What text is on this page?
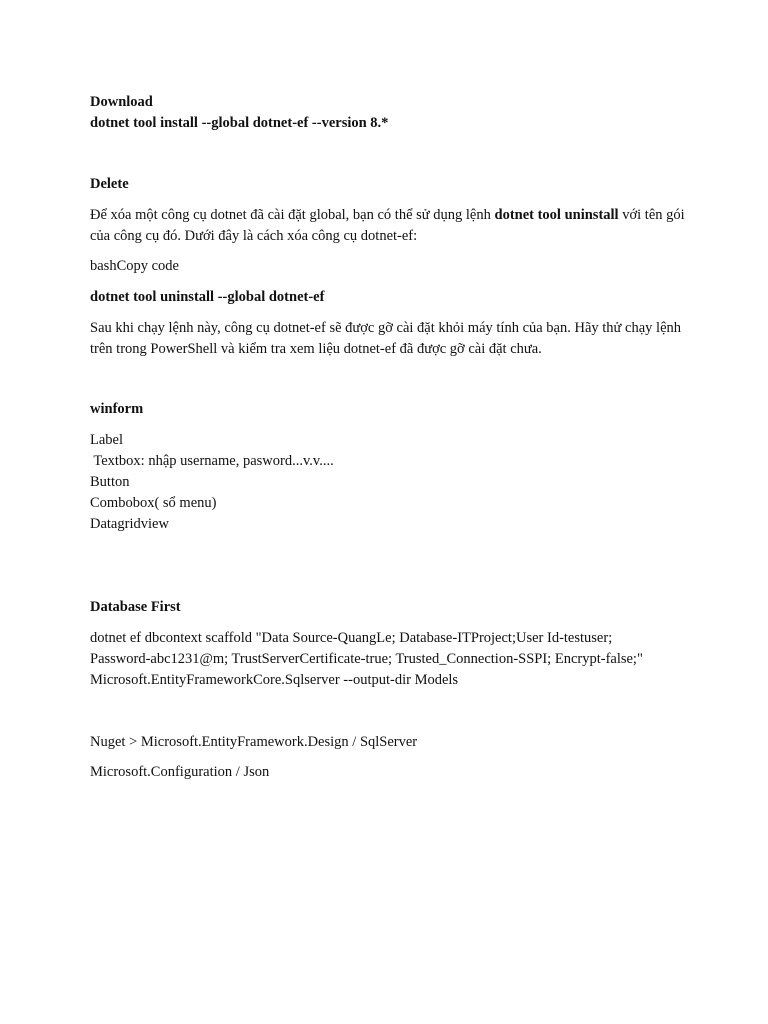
Download
dotnet tool install --global dotnet-ef --version 8.*
Delete
Để xóa một công cụ dotnet đã cài đặt global, bạn có thể sử dụng lệnh dotnet tool uninstall với tên gói của công cụ đó. Dưới đây là cách xóa công cụ dotnet-ef:
bashCopy code
dotnet tool uninstall --global dotnet-ef
Sau khi chạy lệnh này, công cụ dotnet-ef sẽ được gỡ cài đặt khỏi máy tính của bạn. Hãy thử chạy lệnh trên trong PowerShell và kiểm tra xem liệu dotnet-ef đã được gỡ cài đặt chưa.
winform
Label
Textbox: nhập username, pasword...v.v....
Button
Combobox( sổ menu)
Datagridview
Database First
dotnet ef dbcontext scaffold "Data Source-QuangLe; Database-ITProject;User Id-testuser;
Password-abc1231@m; TrustServerCertificate-true; Trusted_Connection-SSPI; Encrypt-false;"
Microsoft.EntityFrameworkCore.Sqlserver --output-dir Models
Nuget > Microsoft.EntityFramework.Design / SqlServer
Microsoft.Configuration / Json
